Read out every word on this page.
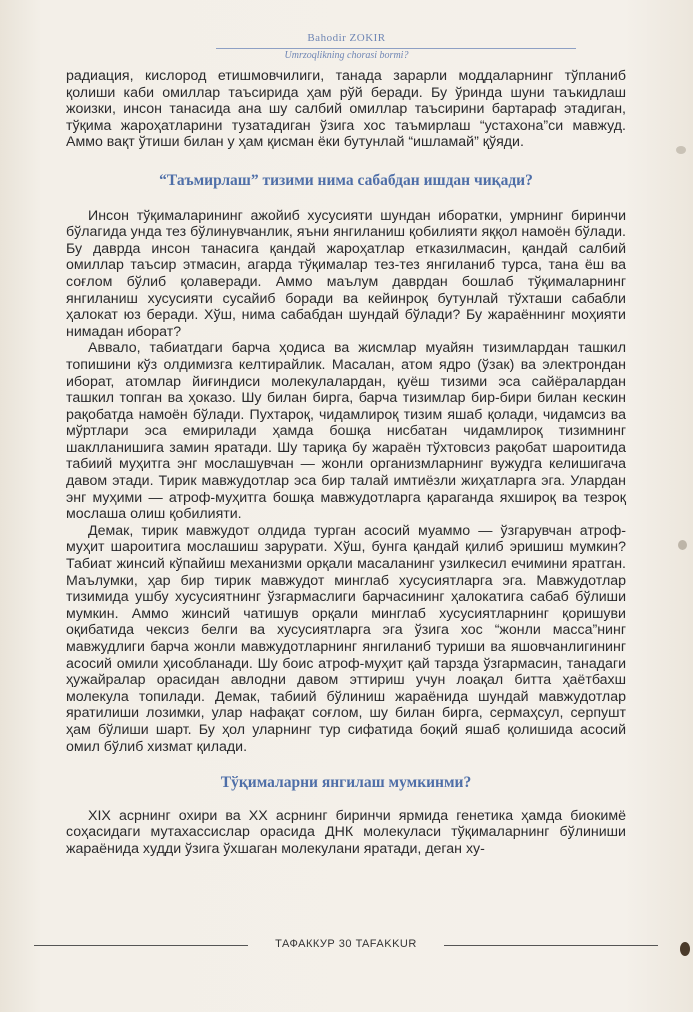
Bahodir ZOKIR
Umrzoqlikning chorasi bormi?

радиация, кислород етишмовчилиги, танада зарарли моддаларнинг тўпланиб қолиши каби омиллар таъсирида ҳам рўй беради. Бу ўринда шуни таъкидлаш жоизки, инсон танасида ана шу салбий омиллар таъсирини бартараф этадиган, тўқима жароҳатларини тузатадиган ўзига хос таъмирлаш “устахона”си мавжуд. Аммо вақт ўтиши билан у ҳам қисман ёки бутунлай “ишламай” қўяди.

“Таъмирлаш” тизими нима сабабдан ишдан чиқади?

Инсон тўқималарининг ажойиб хусусияти шундан иборатки, умрнинг биринчи бўлагида унда тез бўлинувчанлик, яъни янгиланиш қобилияти яққол намоён бўлади. Бу даврда инсон танасига қандай жароҳатлар етказилмасин, қандай салбий омиллар таъсир этмасин, агарда тўқималар тез-тез янгиланиб турса, тана ёш ва соғлом бўлиб қолаверади. Аммо маълум даврдан бошлаб тўқималарнинг янгиланиш хусусияти сусайиб боради ва кейинроқ бутунлай тўхташи сабабли ҳалокат юз беради. Хўш, нима сабабдан шундай бўлади? Бу жараённинг моҳияти нимадан иборат?

Аввало, табиатдаги барча ҳодиса ва жисмлар муайян тизимлардан ташкил топишини кўз олдимизга келтирайлик. Масалан, атом ядро (ўзак) ва электрондан иборат, атомлар йиғиндиси молекулалардан, қуёш тизими эса сайёралардан ташкил топган ва ҳоказо. Шу билан бирга, барча тизимлар бир-бири билан кескин рақобатда намоён бўлади. Пухтароқ, чидамлироқ тизим яшаб қолади, чидамсиз ва мўртлари эса емирилади ҳамда бошқа нисбатан чидамлироқ тизимнинг шаклланишига замин яратади. Шу тариқа бу жараён тўхтовсиз рақобат шароитида табиий муҳитга энг мослашувчан — жонли организмларнинг вужудга келишигача давом этади. Тирик мавжудотлар эса бир талай имтиёзли жиҳатларга эга. Улардан энг муҳими — атроф-муҳитга бошқа мавжудотларга қараганда яхшироқ ва тезроқ мослаша олиш қобилияти.

Демак, тирик мавжудот олдида турган асосий муаммо — ўзгарувчан атроф-муҳит шароитига мослашиш зарурати. Хўш, бунга қандай қилиб эришиш мумкин? Табиат жинсий кўпайиш механизми орқали масаланинг узилкесил ечимини яратган. Маълумки, ҳар бир тирик мавжудот минглаб хусусиятларга эга. Мавжудотлар тизимида ушбу хусусиятнинг ўзгармаслиги барчасининг ҳалокатига сабаб бўлиши мумкин. Аммо жинсий чатишув орқали минглаб хусусиятларнинг қоришуви оқибатида чексиз белги ва хусусиятларга эга ўзига хос “жонли масса”нинг мавжудлиги барча жонли мавжудотларнинг янгиланиб туриши ва яшовчанлигининг асосий омили ҳисобланади. Шу боис атроф-муҳит қай тарзда ўзгармасин, танадаги ҳужайралар орасидан авлодни давом эттириш учун лоақал битта ҳаётбахш молекула топилади. Демак, табиий бўлиниш жараёнида шундай мавжудотлар яратилиши лозимки, улар нафақат соғлом, шу билан бирга, сермаҳсул, серпушт ҳам бўлиши шарт. Бу ҳол уларнинг тур сифатида боқий яшаб қолишида асосий омил бўлиб хизмат қилади.

Тўқималарни янгилаш мумкинми?

XIX асрнинг охири ва XX асрнинг биринчи ярмида генетика ҳамда биокимё соҳасидаги мутахассислар орасида ДНК молекуласи тўқималарнинг бўлиниши жараёнида худди ўзига ўхшаган молекулани яратади, деган ху-

ТАФАККУР 30 TAFAKKUR
